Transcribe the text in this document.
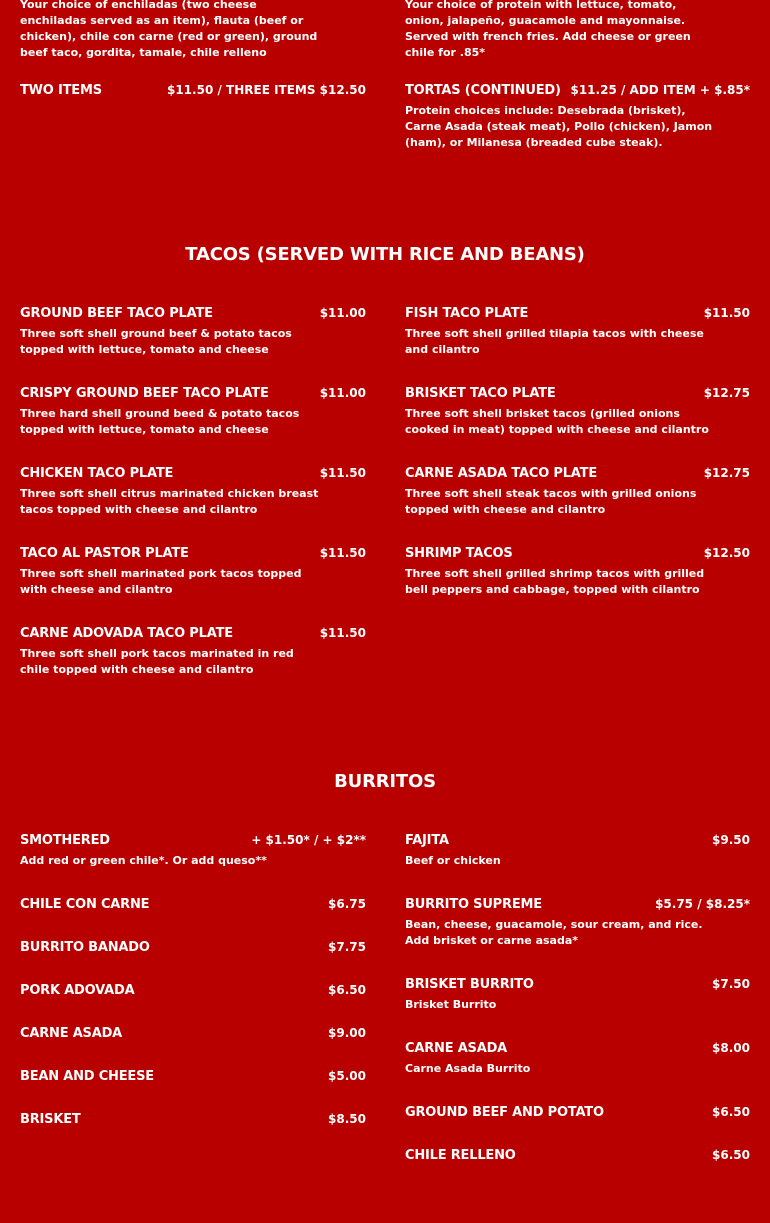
Your choice of enchiladas (two cheese enchiladas served as an item), flauta (beef or chicken), chile con carne (red or green), ground beef taco, gordita, tamale, chile relleno
TWO ITEMS	$11.50 / THREE ITEMS $12.50
Your choice of protein with lettuce, tomato, onion, jalapeño, guacamole and mayonnaise. Served with french fries. Add cheese or green chile for .85*
TORTAS (CONTINUED) $11.25 / ADD ITEM + $.85*
Protein choices include: Desebrada (brisket), Carne Asada (steak meat), Pollo (chicken), Jamon (ham), or Milanesa (breaded cube steak).
TACOS (SERVED WITH RICE AND BEANS)
GROUND BEEF TACO PLATE	$11.00
Three soft shell ground beef & potato tacos topped with lettuce, tomato and cheese
CRISPY GROUND BEEF TACO PLATE	$11.00
Three hard shell ground beed & potato tacos topped with lettuce, tomato and cheese
CHICKEN TACO PLATE	$11.50
Three soft shell citrus marinated chicken breast tacos topped with cheese and cilantro
TACO AL PASTOR PLATE	$11.50
Three soft shell marinated pork tacos topped with cheese and cilantro
CARNE ADOVADA TACO PLATE	$11.50
Three soft shell pork tacos marinated in red chile topped with cheese and cilantro
FISH TACO PLATE	$11.50
Three soft shell grilled tilapia tacos with cheese and cilantro
BRISKET TACO PLATE	$12.75
Three soft shell brisket tacos (grilled onions cooked in meat) topped with cheese and cilantro
CARNE ASADA TACO PLATE	$12.75
Three soft shell steak tacos with grilled onions topped with cheese and cilantro
SHRIMP TACOS	$12.50
Three soft shell grilled shrimp tacos with grilled bell peppers and cabbage, topped with cilantro
BURRITOS
SMOTHERED	+ $1.50* / + $2**
Add red or green chile*. Or add queso**
CHILE CON CARNE	$6.75
BURRITO BANADO	$7.75
PORK ADOVADA	$6.50
CARNE ASADA	$9.00
BEAN AND CHEESE	$5.00
BRISKET	$8.50
FAJITA	$9.50
Beef or chicken
BURRITO SUPREME	$5.75 / $8.25*
Bean, cheese, guacamole, sour cream, and rice. Add brisket or carne asada*
BRISKET BURRITO	$7.50
Brisket Burrito
CARNE ASADA	$8.00
Carne Asada Burrito
GROUND BEEF AND POTATO	$6.50
CHILE RELLENO	$6.50
